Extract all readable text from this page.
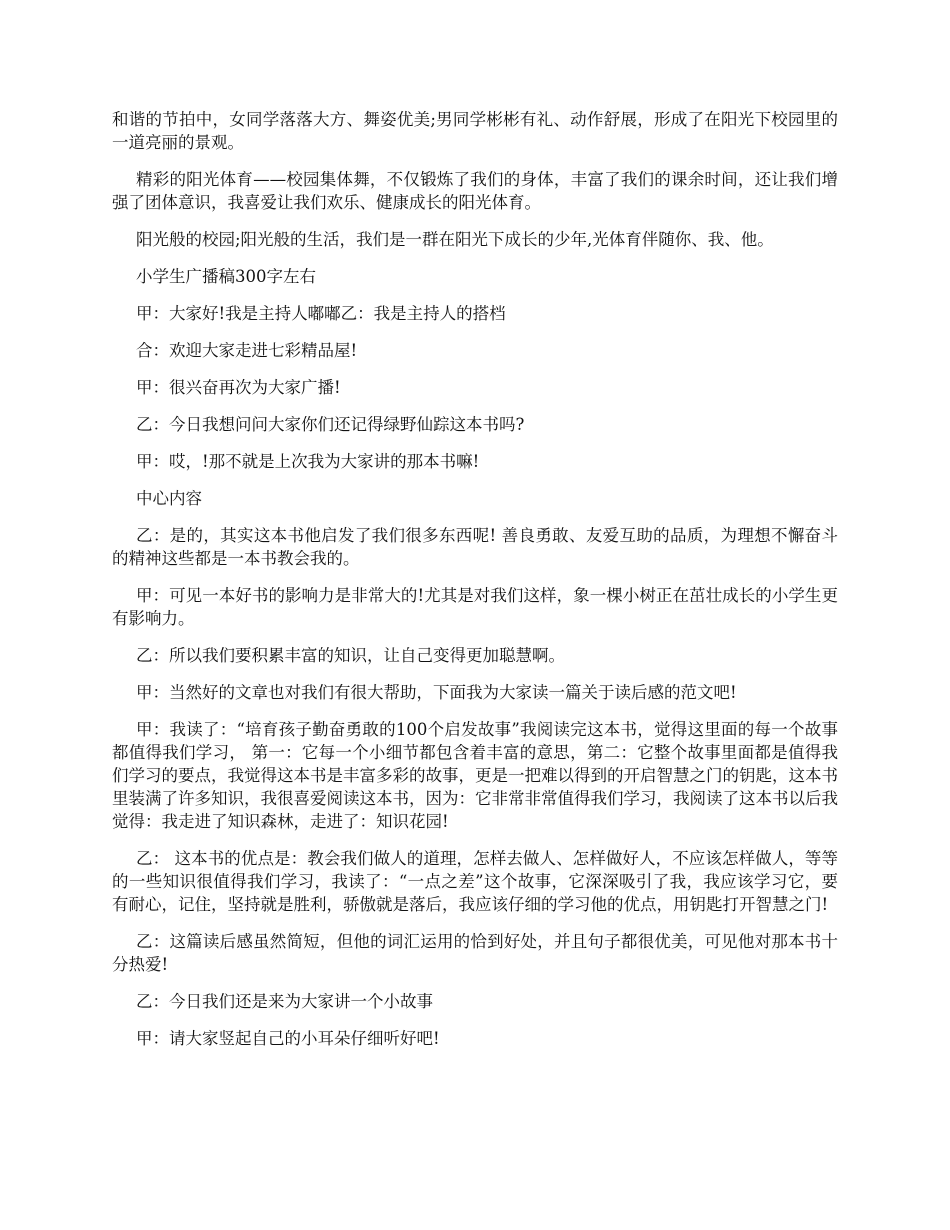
和谐的节拍中，女同学落落大方、舞姿优美;男同学彬彬有礼、动作舒展，形成了在阳光下校园里的一道亮丽的景观。

精彩的阳光体育——校园集体舞，不仅锻炼了我们的身体，丰富了我们的课余时间，还让我们增强了团体意识，我喜爱让我们欢乐、健康成长的阳光体育。

阳光般的校园;阳光般的生活，我们是一群在阳光下成长的少年,光体育伴随你、我、他。

小学生广播稿300字左右

甲：大家好!我是主持人嘟嘟乙：我是主持人的搭档

合：欢迎大家走进七彩精品屋!

甲：很兴奋再次为大家广播!

乙：今日我想问问大家你们还记得绿野仙踪这本书吗?

甲：哎，!那不就是上次我为大家讲的那本书嘛!

中心内容

乙：是的，其实这本书他启发了我们很多东西呢! 善良勇敢、友爱互助的品质，为理想不懈奋斗的精神这些都是一本书教会我的。

甲：可见一本好书的影响力是非常大的!尤其是对我们这样，象一棵小树正在茁壮成长的小学生更有影响力。

乙：所以我们要积累丰富的知识，让自己变得更加聪慧啊。

甲：当然好的文章也对我们有很大帮助，下面我为大家读一篇关于读后感的范文吧!

甲：我读了：“培育孩子勤奋勇敢的100个启发故事”我阅读完这本书，觉得这里面的每一个故事都值得我们学习， 第一：它每一个小细节都包含着丰富的意思，第二：它整个故事里面都是值得我们学习的要点，我觉得这本书是丰富多彩的故事，更是一把难以得到的开启智慧之门的钥匙，这本书里装满了许多知识，我很喜爱阅读这本书，因为：它非常非常值得我们学习，我阅读了这本书以后我觉得：我走进了知识森林，走进了：知识花园!

乙： 这本书的优点是：教会我们做人的道理，怎样去做人、怎样做好人，不应该怎样做人，等等的一些知识很值得我们学习，我读了：“一点之差”这个故事，它深深吸引了我，我应该学习它，要有耐心，记住，坚持就是胜利，骄傲就是落后，我应该仔细的学习他的优点，用钥匙打开智慧之门!

乙：这篇读后感虽然简短，但他的词汇运用的恰到好处，并且句子都很优美，可见他对那本书十分热爱!

乙：今日我们还是来为大家讲一个小故事

甲：请大家竖起自己的小耳朵仔细听好吧!
